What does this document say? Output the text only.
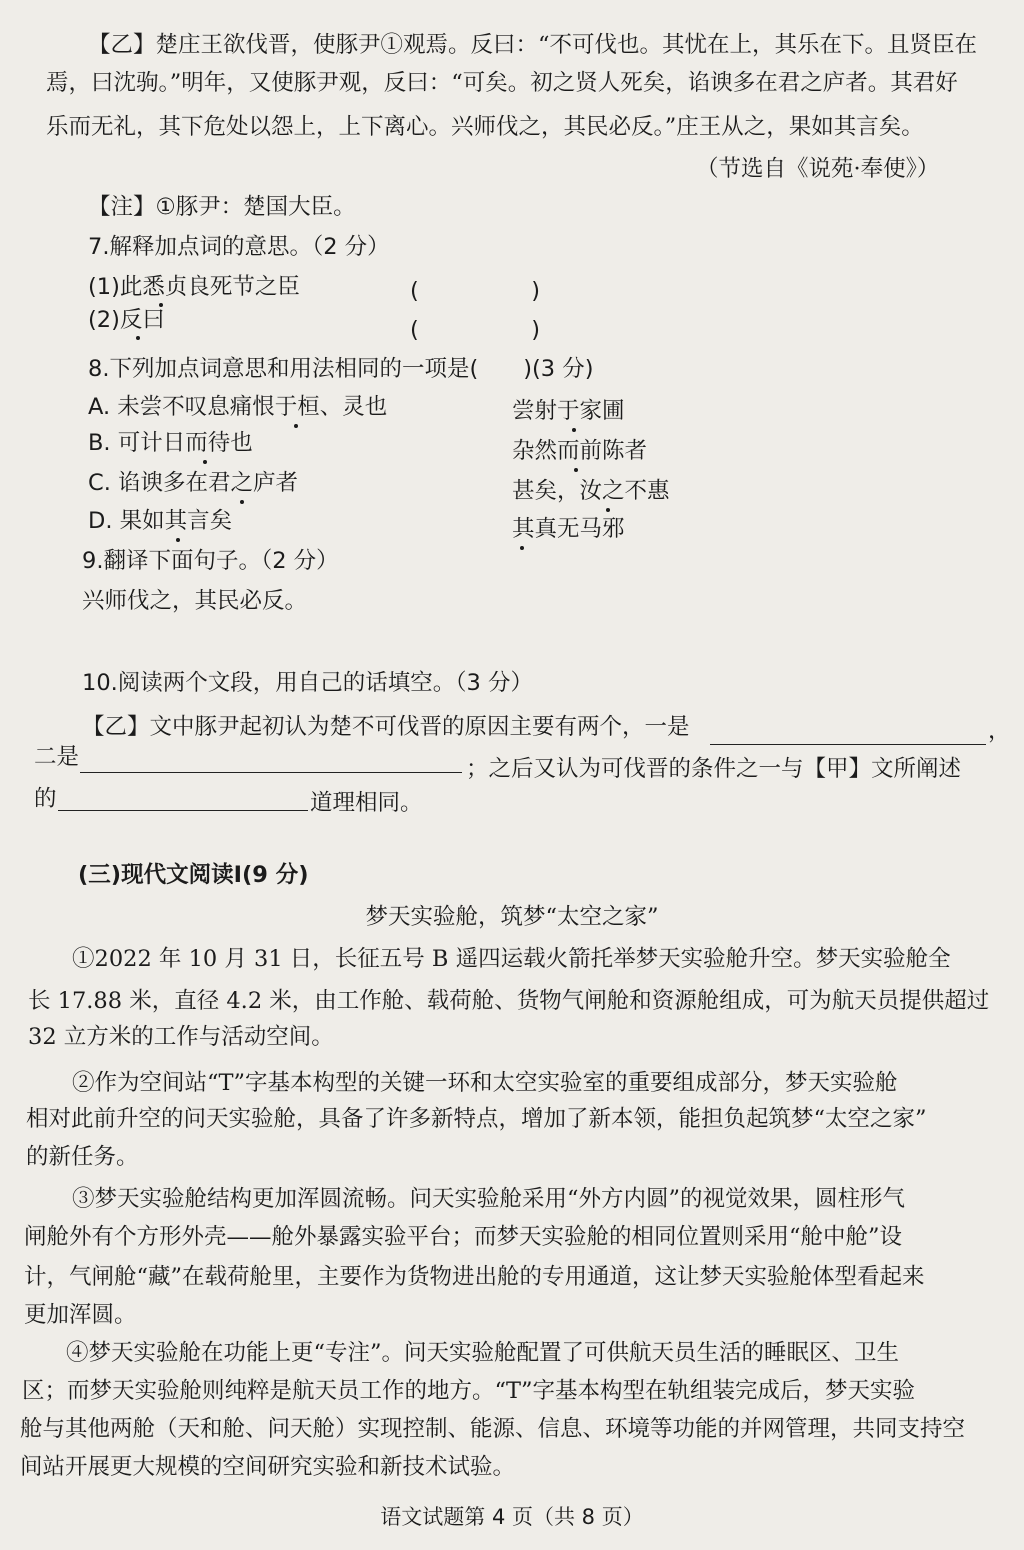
【乙】楚庄王欲伐晋，使豚尹①观焉。反曰：“不可伐也。其忧在上，其乐在下。且贤臣在
焉，曰沈驹。”明年，又使豚尹观，反曰：“可矣。初之贤人死矣，谄谀多在君之庐者。其君好
乐而无礼，其下危处以怨上，上下离心。兴师伐之，其民必反。”庄王从之，果如其言矣。
（节选自《说苑·奉使》）
【注】①豚尹：楚国大臣。
7.解释加点词的意思。（2 分）
(1)此悉贞良死节之臣	(　　　　　)
(2)反曰	(　　　　　)
8.下列加点词意思和用法相同的一项是(　　)(3 分)
A. 未尝不叹息痛恨于桓、灵也	尝射于家圃
B. 可计日而待也	杂然而前陈者
C. 谄谀多在君之庐者	甚矣，汝之不惠
D. 果如其言矣	其真无马邪
9.翻译下面句子。（2 分）
兴师伐之，其民必反。
10.阅读两个文段，用自己的话填空。（3 分）
【乙】文中豚尹起初认为楚不可伐晋的原因主要有两个，一是	，
二是	；之后又认为可伐晋的条件之一与【甲】文所阐述
的	道理相同。
(三)现代文阅读Ⅰ(9 分)
梦天实验舱，筑梦“太空之家”
①2022 年 10 月 31 日，长征五号 B 遥四运载火箭托举梦天实验舱升空。梦天实验舱全
长 17.88 米，直径 4.2 米，由工作舱、载荷舱、货物气闸舱和资源舱组成，可为航天员提供超过
32 立方米的工作与活动空间。
②作为空间站“T”字基本构型的关键一环和太空实验室的重要组成部分，梦天实验舱
相对此前升空的问天实验舱，具备了许多新特点，增加了新本领，能担负起筑梦“太空之家”
的新任务。
③梦天实验舱结构更加浑圆流畅。问天实验舱采用“外方内圆”的视觉效果，圆柱形气
闸舱外有个方形外壳——舱外暴露实验平台；而梦天实验舱的相同位置则采用“舱中舱”设
计，气闸舱“藏”在载荷舱里，主要作为货物进出舱的专用通道，这让梦天实验舱体型看起来
更加浑圆。
④梦天实验舱在功能上更“专注”。问天实验舱配置了可供航天员生活的睡眠区、卫生
区；而梦天实验舱则纯粹是航天员工作的地方。“T”字基本构型在轨组装完成后，梦天实验
舱与其他两舱（天和舱、问天舱）实现控制、能源、信息、环境等功能的并网管理，共同支持空
间站开展更大规模的空间研究实验和新技术试验。
语文试题第 4 页（共 8 页）
